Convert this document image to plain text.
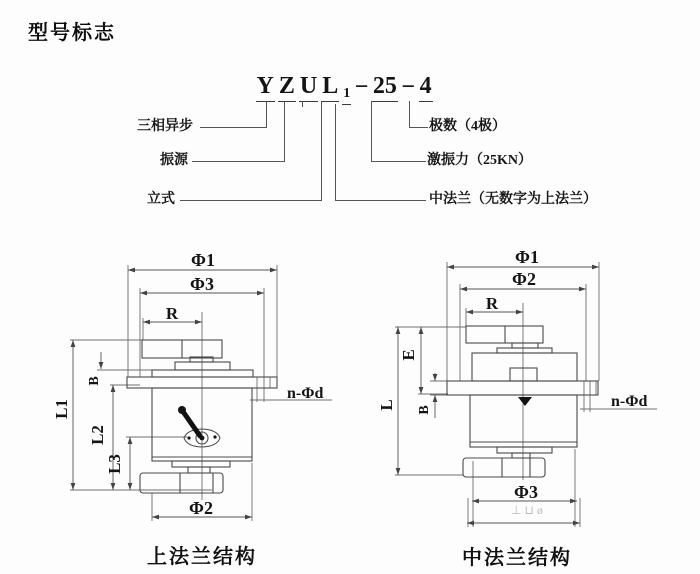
型号标志
Y Z U L 1 − 25 − 4
三相异步
振源
立式
极数（4极）
激振力（25KN）
中法兰（无数字为上法兰）
Φ1
Φ3
R
Φ2
n-Φd
L1
L2
L3
B
Φ1
Φ2
R
Φ3
n-Φd
L
E
B
⊥⊔ø
上法兰结构	中法兰结构
